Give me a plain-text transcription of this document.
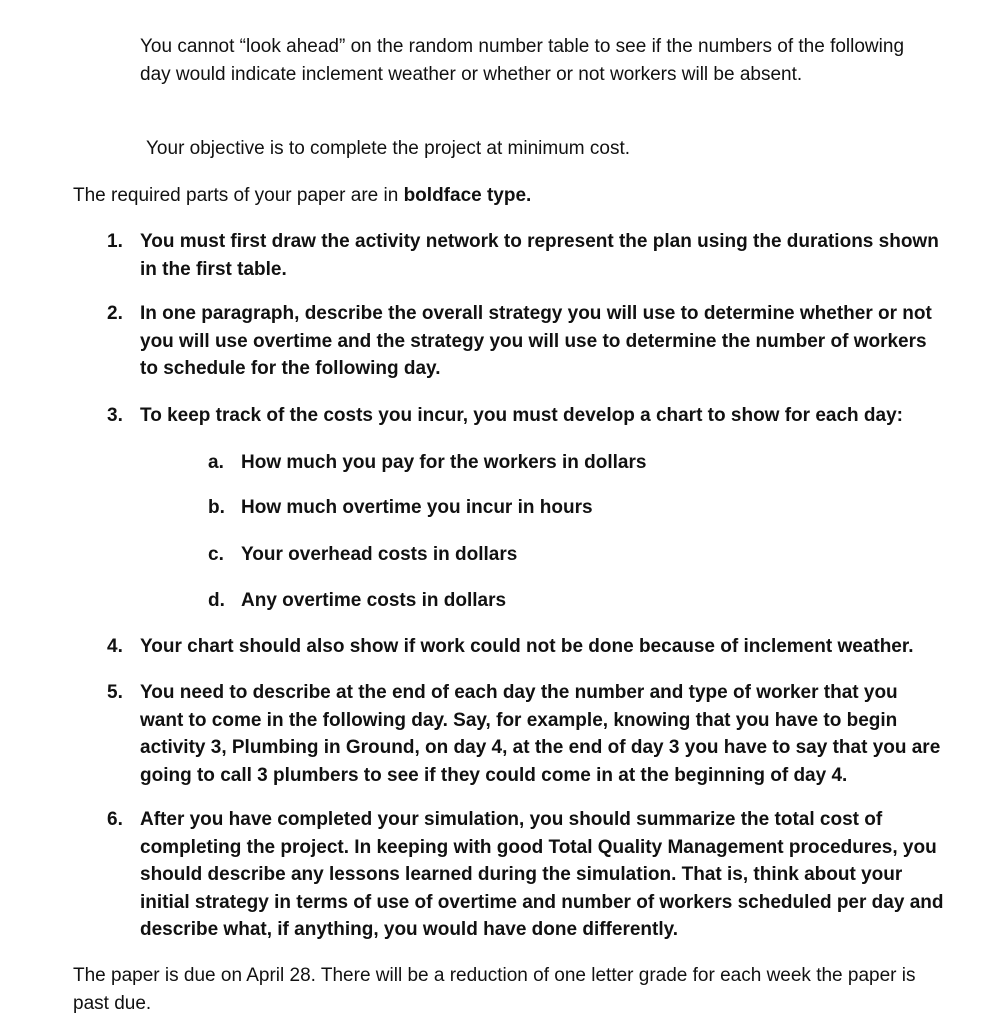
You cannot “look ahead” on the random number table to see if the numbers of the following day would indicate inclement weather or whether or not workers will be absent.

Your objective is to complete the project at minimum cost.

The required parts of your paper are in boldface type.

1. You must first draw the activity network to represent the plan using the durations shown in the first table.
2. In one paragraph, describe the overall strategy you will use to determine whether or not you will use overtime and the strategy you will use to determine the number of workers to schedule for the following day.
3. To keep track of the costs you incur, you must develop a chart to show for each day:
a. How much you pay for the workers in dollars
b. How much overtime you incur in hours
c. Your overhead costs in dollars
d. Any overtime costs in dollars
4. Your chart should also show if work could not be done because of inclement weather.
5. You need to describe at the end of each day the number and type of worker that you want to come in the following day. Say, for example, knowing that you have to begin activity 3, Plumbing in Ground, on day 4, at the end of day 3 you have to say that you are going to call 3 plumbers to see if they could come in at the beginning of day 4.
6. After you have completed your simulation, you should summarize the total cost of completing the project. In keeping with good Total Quality Management procedures, you should describe any lessons learned during the simulation. That is, think about your initial strategy in terms of use of overtime and number of workers scheduled per day and describe what, if anything, you would have done differently.

The paper is due on April 28. There will be a reduction of one letter grade for each week the paper is past due.
